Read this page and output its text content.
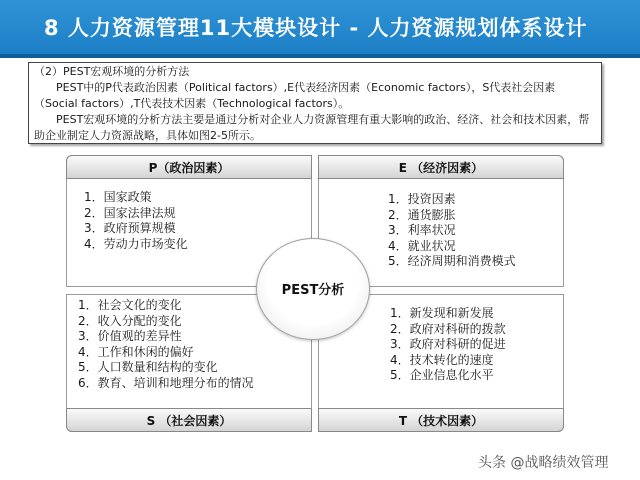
8 人力资源管理11大模块设计 - 人力资源规划体系设计

（2）PEST宏观环境的分析方法

PEST中的P代表政治因素（Political factors）,E代表经济因素（Economic factors），S代表社会因素（Social factors）,T代表技术因素（Technological factors）。

PEST宏观环境的分析方法主要是通过分析对企业人力资源管理有重大影响的政治、经济、社会和技术因素，帮助企业制定人力资源战略，具体如图2-5所示。

P（政治因素）	E （经济因素）
S （社会因素）	T （技术因素）
1．国家政策
2．国家法律法规
3．政府预算规模
4．劳动力市场变化
1．投资因素
2．通货膨胀
3．利率状况
4．就业状况
5．经济周期和消费模式
1．社会文化的变化
2．收入分配的变化
3．价值观的差异性
4．工作和休闲的偏好
5．人口数量和结构的变化
6．教育、培训和地理分布的情况
1．新发现和新发展
2．政府对科研的拨款
3．政府对科研的促进
4．技术转化的速度
5．企业信息化水平
PEST分析
头条 @战略绩效管理
